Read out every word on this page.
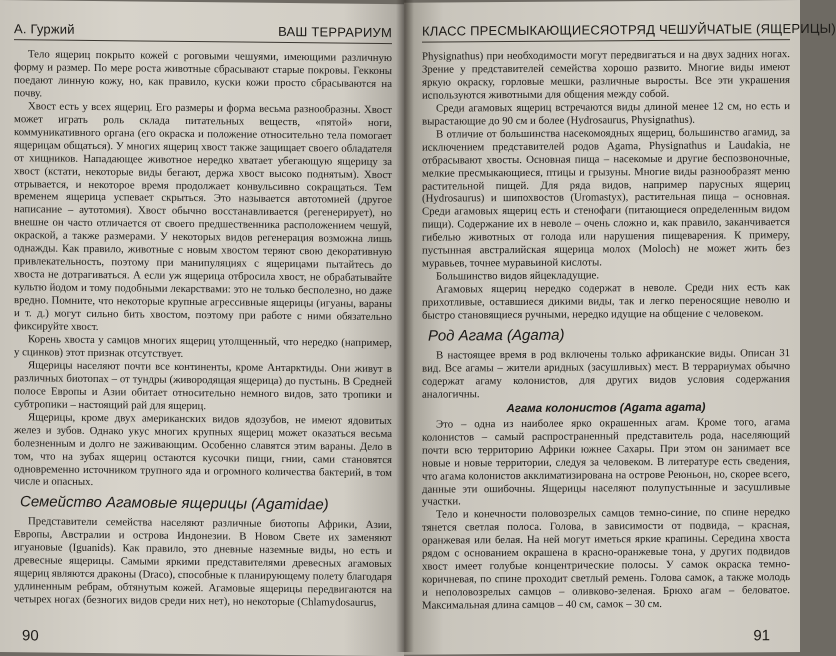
А. Гуржий	ВАШ ТЕРРАРИУМ

Тело ящериц покрыто кожей с роговыми чешуями, имеющими различную форму и размер. По мере роста животные сбрасывают старые покровы. Гекконы поедают линную кожу, но, как правило, куски кожи просто сбрасываются на почву.

Хвост есть у всех ящериц. Его размеры и форма весьма разнообразны. Хвост может играть роль склада питательных веществ, «пятой» ноги, коммуникативного органа (его окраска и положение относительно тела помогает ящерицам общаться). У многих ящериц хвост также защищает своего обладателя от хищников. Нападающее животное нередко хватает убегающую ящерицу за хвост (кстати, некоторые виды бегают, держа хвост высоко поднятым). Хвост отрывается, и некоторое время продолжает конвульсивно сокращаться. Тем временем ящерица успевает скрыться. Это называется автотомией (другое написание – аутотомия). Хвост обычно восстанавливается (регенерирует), но внешне он часто отличается от своего предшественника расположением чешуй, окраской, а также размерами. У некоторых видов регенерация возможна лишь однажды. Как правило, животные с новым хвостом теряют свою декоративную привлекательность, поэтому при манипуляциях с ящерицами пытайтесь до хвоста не дотрагиваться. А если уж ящерица отбросила хвост, не обрабатывайте культю йодом и тому подобными лекарствами: это не только бесполезно, но даже вредно. Помните, что некоторые крупные агрессивные ящерицы (игуаны, вараны и т. д.) могут сильно бить хвостом, поэтому при работе с ними обязательно фиксируйте хвост.

Корень хвоста у самцов многих ящериц утолщенный, что нередко (например, у сцинков) этот признак отсутствует.

Ящерицы населяют почти все континенты, кроме Антарктиды. Они живут в различных биотопах – от тундры (живородящая ящерица) до пустынь. В Средней полосе Европы и Азии обитает относительно немного видов, зато тропики и субтропики – настоящий рай для ящериц.

Ящерицы, кроме двух американских видов ядозубов, не имеют ядовитых желез и зубов. Однако укус многих крупных ящериц может оказаться весьма болезненным и долго не заживающим. Особенно славятся этим вараны. Дело в том, что на зубах ящериц остаются кусочки пищи, гнии, сами становятся одновременно источником трупного яда и огромного количества бактерий, в том числе и опасных.

Семейство Агамовые ящерицы (Agamidae)

Представители семейства населяют различные биотопы Африки, Азии, Европы, Австралии и острова Индонезии. В Новом Свете их заменяют игуановые (Iguanids). Как правило, это дневные наземные виды, но есть и древесные ящерицы. Самыми яркими представителями древесных агамовых ящериц являются драконы (Draco), способные к планирующему полету благодаря удлиненным ребрам, обтянутым кожей. Агамовые ящерицы передвигаются на четырех ногах (безногих видов среди них нет), но некоторые (Chlamydosaurus,

90
КЛАСС ПРЕСМЫКАЮЩИЕСЯ ОТРЯД ЧЕШУЙЧАТЫЕ (ЯЩЕРИЦЫ)

Physignathus) при необходимости могут передвигаться и на двух задних ногах. Зрение у представителей семейства хорошо развито. Многие виды имеют яркую окраску, горловые мешки, различные выросты. Все эти украшения используются животными для общения между собой.

Среди агамовых ящериц встречаются виды длиной менее 12 см, но есть и вырастающие до 90 см и более (Hydrosaurus, Physignathus).

В отличие от большинства насекомоядных ящериц, большинство агамид, за исключением представителей родов Agama, Physignathus и Laudakia, не отбрасывают хвосты. Основная пища – насекомые и другие беспозвоночные, мелкие пресмыкающиеся, птицы и грызуны. Многие виды разнообразят меню растительной пищей. Для ряда видов, например парусных ящериц (Hydrosaurus) и шипохвостов (Uromastyx), растительная пища – основная. Среди агамовых ящериц есть и стенофаги (питающиеся определенным видом пищи). Содержание их в неволе – очень сложно и, как правило, заканчивается гибелью животных от голода или нарушения пищеварения. К примеру, пустынная австралийская ящерица молох (Moloch) не может жить без муравьев, точнее муравьиной кислоты.

Большинство видов яйцекладущие.

Агамовых ящериц нередко содержат в неволе. Среди них есть как прихотливые, оставшиеся дикими виды, так и легко переносящие неволю и быстро становящиеся ручными, нередко идущие на общение с человеком.

Род Агама (Agama)

В настоящее время в род включены только африканские виды. Описан 31 вид. Все агамы – жители аридных (засушливых) мест. В террариумах обычно содержат агаму колонистов, для других видов условия содержания аналогичны.

Агама колонистов (Agama agama)

Это – одна из наиболее ярко окрашенных агам. Кроме того, агама колонистов – самый распространенный представитель рода, населяющий почти всю территорию Африки южнее Сахары. При этом он занимает все новые и новые территории, следуя за человеком. В литературе есть сведения, что агама колонистов акклиматизирована на острове Реюньон, но, скорее всего, данные эти ошибочны. Ящерицы населяют полупустынные и засушливые участки.

Тело и конечности половозрелых самцов темно-синие, по спине нередко тянется светлая полоса. Голова, в зависимости от подвида, – красная, оранжевая или белая. На ней могут иметься яркие крапины. Середина хвоста рядом с основанием окрашена в красно-оранжевые тона, у других подвидов хвост имеет голубые концентрические полосы. У самок окраска темно-коричневая, по спине проходит светлый ремень. Голова самок, а также молодь и неполовозрелых самцов – оливково-зеленая. Брюхо агам – беловатое. Максимальная длина самцов – 40 см, самок – 30 см.

91
